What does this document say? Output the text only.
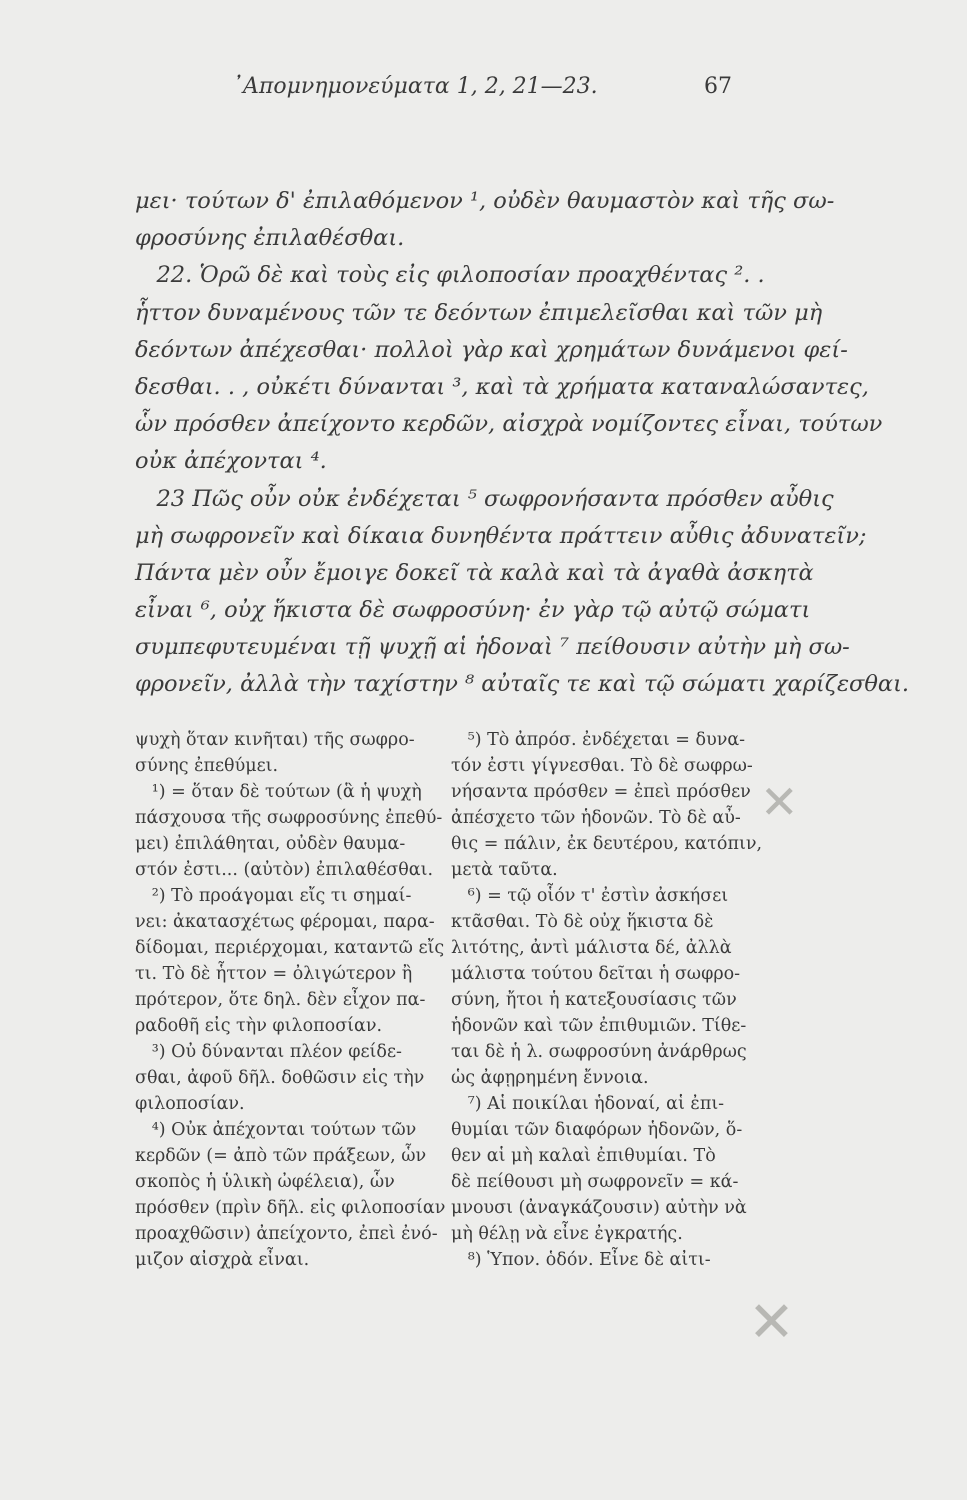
᾿Απομνημονεύματα 1, 2, 21—23.	67
μει· τούτων δ' ἐπιλαθόμενον ¹, οὐδὲν θαυμαστὸν καὶ τῆς σω-
φροσύνης ἐπιλαθέσθαι.
22. Ὁρῶ δὲ καὶ τοὺς εἰς φιλοποσίαν προαχθέντας ². .
ἧττον δυναμένους τῶν τε δεόντων ἐπιμελεῖσθαι καὶ τῶν μὴ
δεόντων ἀπέχεσθαι· πολλοὶ γὰρ καὶ χρημάτων δυνάμενοι φεί-
δεσθαι. . , οὐκέτι δύνανται ³, καὶ τὰ χρήματα καταναλώσαντες,
ὧν πρόσθεν ἀπείχοντο κερδῶν, αἰσχρὰ νομίζοντες εἶναι, τούτων
οὐκ ἀπέχονται ⁴.
23 Πῶς οὖν οὐκ ἐνδέχεται ⁵ σωφρονήσαντα πρόσθεν αὖθις
μὴ σωφρονεῖν καὶ δίκαια δυνηθέντα πράττειν αὖθις ἀδυνατεῖν;
Πάντα μὲν οὖν ἔμοιγε δοκεῖ τὰ καλὰ καὶ τὰ ἀγαθὰ ἀσκητὰ
εἶναι ⁶, οὐχ ἥκιστα δὲ σωφροσύνη· ἐν γὰρ τῷ αὐτῷ σώματι
συμπεφυτευμέναι τῇ ψυχῇ αἱ ἡδοναὶ ⁷ πείθουσιν αὐτὴν μὴ σω-
φρονεῖν, ἀλλὰ τὴν ταχίστην ⁸ αὐταῖς τε καὶ τῷ σώματι χαρίζεσθαι.
ψυχὴ ὅταν κινῆται) τῆς σωφρο-
σύνης ἐπεθύμει.
¹) = ὅταν δὲ τούτων (ἃ ἡ ψυχὴ
πάσχουσα τῆς σωφροσύνης ἐπεθύ-
μει) ἐπιλάθηται, οὐδὲν θαυμα-
στόν ἐστι... (αὐτὸν) ἐπιλαθέσθαι.
²) Τὸ προάγομαι εἴς τι σημαί-
νει: ἀκατασχέτως φέρομαι, παρα-
δίδομαι, περιέρχομαι, καταντῶ εἴς
τι. Τὸ δὲ ἧττον = ὀλιγώτερον ἢ
πρότερον, ὅτε δηλ. δὲν εἶχον πα-
ραδοθῆ εἰς τὴν φιλοποσίαν.
³) Οὐ δύνανται πλέον φείδε-
σθαι, ἀφοῦ δῆλ. δοθῶσιν εἰς τὴν
φιλοποσίαν.
⁴) Οὐκ ἀπέχονται τούτων τῶν
κερδῶν (= ἀπὸ τῶν πράξεων, ὧν
σκοπὸς ἡ ὑλικὴ ὠφέλεια), ὧν
πρόσθεν (πρὶν δῆλ. εἰς φιλοποσίαν
προαχθῶσιν) ἀπείχοντο, ἐπεὶ ἐνό-
μιζον αἰσχρὰ εἶναι.
⁵) Τὸ ἀπρόσ. ἐνδέχεται = δυνα-
τόν ἐστι γίγνεσθαι. Τὸ δὲ σωφρω-
νήσαντα πρόσθεν = ἐπεὶ πρόσθεν
ἀπέσχετο τῶν ἡδονῶν. Τὸ δὲ αὖ-
θις = πάλιν, ἐκ δευτέρου, κατόπιν,
μετὰ ταῦτα.
⁶) = τῷ οἷόν τ' ἐστὶν ἀσκήσει
κτᾶσθαι. Τὸ δὲ οὐχ ἥκιστα δὲ
λιτότης, ἀντὶ μάλιστα δέ, ἀλλὰ
μάλιστα τούτου δεῖται ἡ σωφρο-
σύνη, ἤτοι ἡ κατεξουσίασις τῶν
ἡδονῶν καὶ τῶν ἐπιθυμιῶν. Τίθε-
ται δὲ ἡ λ. σωφροσύνη ἀνάρθρως
ὡς ἀφῃρημένη ἔννοια.
⁷) Αἱ ποικίλαι ἡδοναί, αἱ ἐπι-
θυμίαι τῶν διαφόρων ἡδονῶν, ὅ-
θεν αἱ μὴ καλαὶ ἐπιθυμίαι. Τὸ
δὲ πείθουσι μὴ σωφρονεῖν = κά-
μνουσι (ἀναγκάζουσιν) αὐτὴν νὰ
μὴ θέλῃ νὰ εἶνε ἐγκρατής.
⁸) Ὑπον. ὁδόν. Εἶνε δὲ αἰτι-
✕
✕
